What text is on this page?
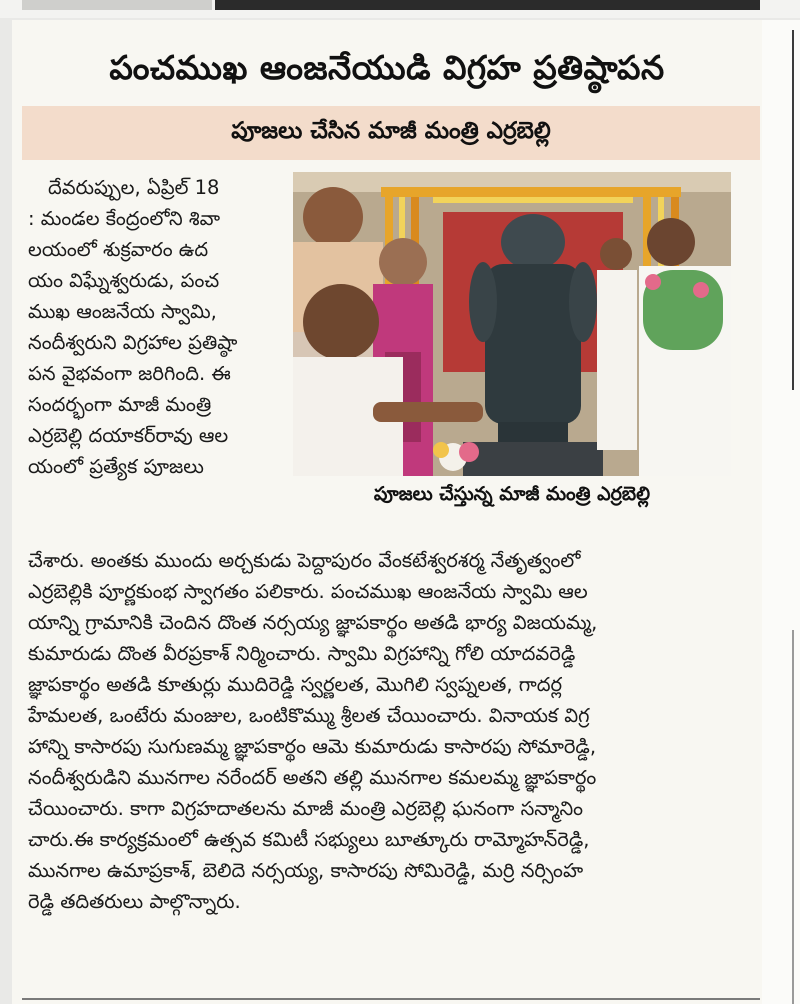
పంచముఖ ఆంజనేయుడి విగ్రహ ప్రతిష్ఠాపన
పూజలు చేసిన మాజీ మంత్రి ఎర్రబెల్లి
దేవరుప్పుల, ఏప్రిల్ 18
: మండల కేంద్రంలోని శివా
లయంలో శుక్రవారం ఉద
యం విఘ్నేశ్వరుడు, పంచ
ముఖ ఆంజనేయ స్వామి,
నందీశ్వరుని విగ్రహాల ప్రతిష్ఠా
పన వైభవంగా జరిగింది. ఈ
సందర్భంగా మాజీ మంత్రి
ఎర్రబెల్లి దయాకర్‌రావు ఆల
యంలో ప్రత్యేక పూజలు
పూజలు చేస్తున్న మాజీ మంత్రి ఎర్రబెల్లి
చేశారు. అంతకు ముందు అర్చకుడు పెద్దాపురం వేంకటేశ్వరశర్మ నేతృత్వంలో
ఎర్రబెల్లికి పూర్ణకుంభ స్వాగతం పలికారు. పంచముఖ ఆంజనేయ స్వామి ఆల
యాన్ని గ్రామానికి చెందిన దొంత నర్సయ్య జ్ఞాపకార్థం అతడి భార్య విజయమ్మ,
కుమారుడు దొంత వీరప్రకాశ్ నిర్మించారు. స్వామి విగ్రహాన్ని గోలి యాదవరెడ్డి
జ్ఞాపకార్థం అతడి కూతుర్లు ముదిరెడ్డి స్వర్ణలత, మొగిలి స్వప్నలత, గాదర్ల
హేమలత, ఒంటేరు మంజుల, ఒంటికొమ్ము శ్రీలత చేయించారు. వినాయక విగ్ర
హాన్ని కాసారపు సుగుణమ్మ జ్ఞాపకార్థం ఆమె కుమారుడు కాసారపు సోమారెడ్డి,
నందీశ్వరుడిని మునగాల నరేందర్ అతని తల్లి మునగాల కమలమ్మ జ్ఞాపకార్థం
చేయించారు. కాగా విగ్రహదాతలను మాజీ మంత్రి ఎర్రబెల్లి ఘనంగా సన్మానిం
చారు.ఈ కార్యక్రమంలో ఉత్సవ కమిటీ సభ్యులు బూత్కూరు రామ్మోహన్‌రెడ్డి,
మునగాల ఉమాప్రకాశ్, బెలిదె నర్సయ్య, కాసారపు సోమిరెడ్డి, మర్రి నర్సింహ
రెడ్డి తదితరులు పాల్గొన్నారు.
